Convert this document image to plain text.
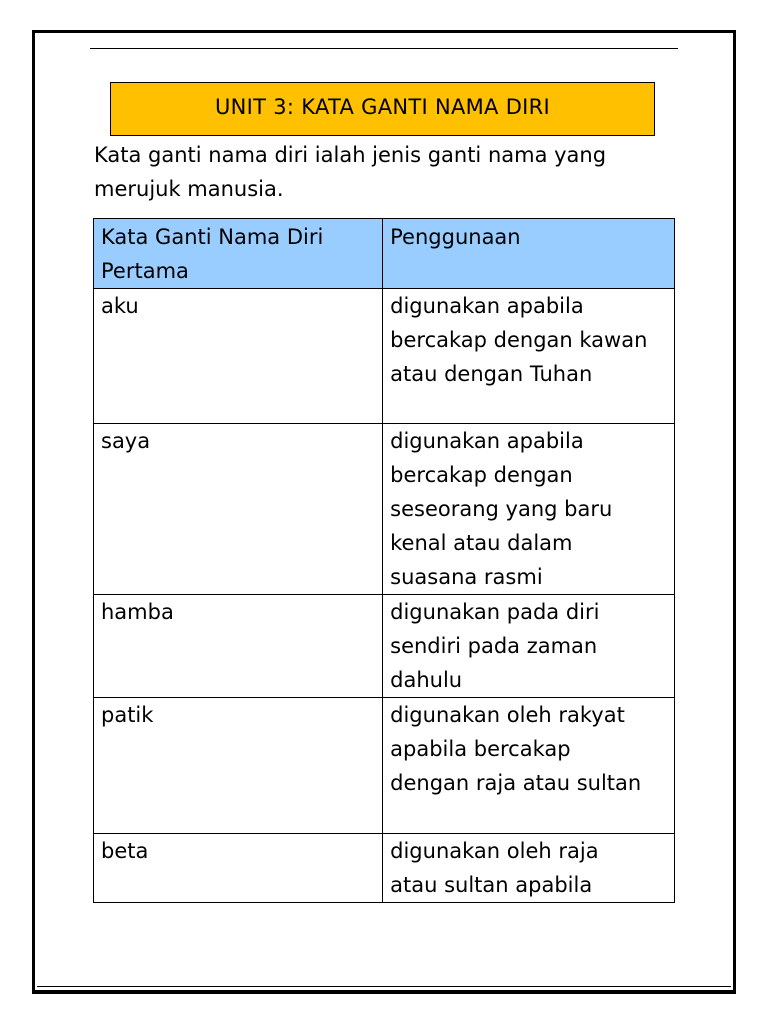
UNIT 3: KATA GANTI NAMA DIRI
Kata ganti nama diri ialah jenis ganti nama yang merujuk manusia.
Kata Ganti Nama Diri Pertama	Penggunaan
aku	digunakan apabila bercakap dengan kawan atau dengan Tuhan

saya	digunakan apabila bercakap dengan seseorang yang baru kenal atau dalam suasana rasmi

hamba	digunakan pada diri sendiri pada zaman dahulu

patik	digunakan oleh rakyat apabila bercakap dengan raja atau sultan

beta	digunakan oleh raja atau sultan apabila
